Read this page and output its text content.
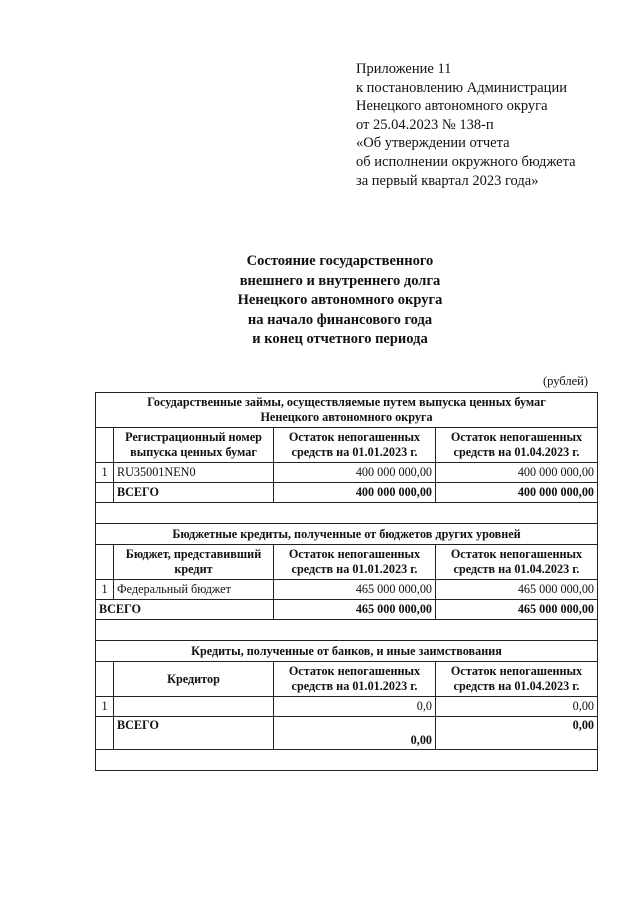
Приложение 11
к постановлению Администрации
Ненецкого автономного округа
от 25.04.2023 № 138-п
«Об утверждении отчета
об исполнении окружного бюджета
за первый квартал 2023 года»
Состояние государственного
внешнего и внутреннего долга
Ненецкого автономного округа
на начало финансового года
и конец отчетного периода
(рублей)
Государственные займы, осуществляемые путем выпуска ценных бумаг
Ненецкого автономного округа			

	Регистрационный номер выпуска ценных бумаг	Остаток непогашенных средств на 01.01.2023 г.	Остаток непогашенных средств на 01.04.2023 г.
1	RU35001NEN0	400 000 000,00	400 000 000,00
	ВСЕГО	400 000 000,00	400 000 000,00

Бюджетные кредиты, полученные от бюджетов других уровней			
	Бюджет, представивший кредит	Остаток непогашенных средств на 01.01.2023 г.	Остаток непогашенных средств на 01.04.2023 г.
1	Федеральный бюджет	465 000 000,00	465 000 000,00
ВСЕГО		465 000 000,00	465 000 000,00

Кредиты, полученные от банков, и иные заимствования			
	Кредитор	Остаток непогашенных средств на 01.01.2023 г.	Остаток непогашенных средств на 01.04.2023 г.
1		0,0	0,00
	ВСЕГО	0,00	0,00
